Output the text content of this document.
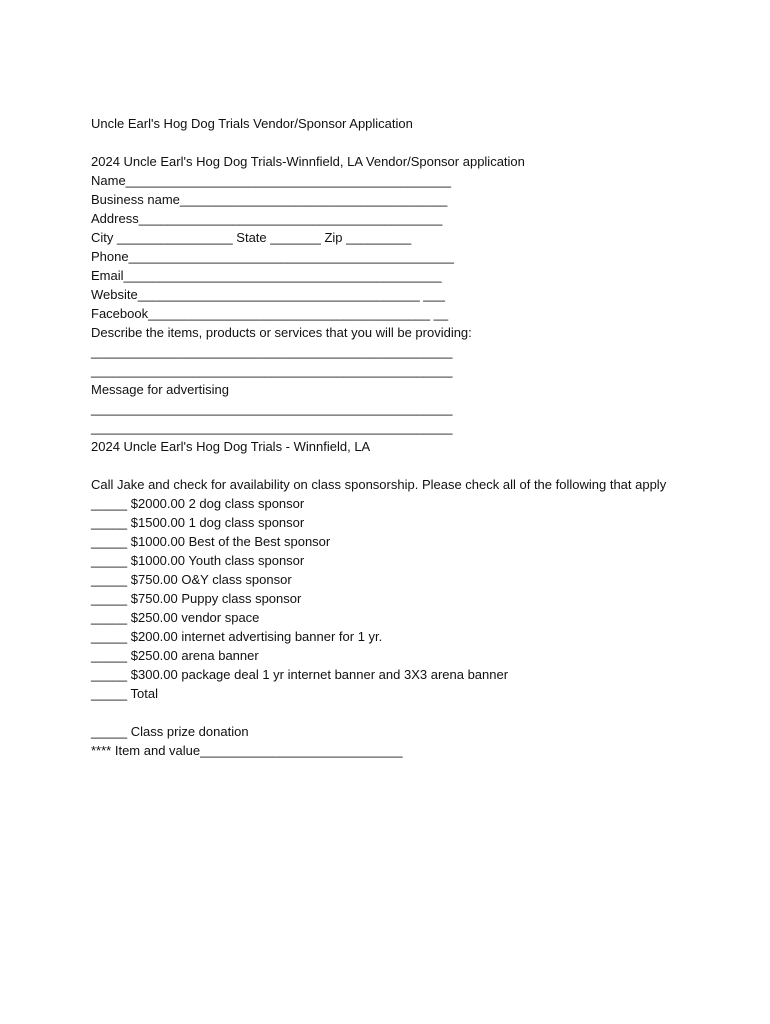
Uncle Earl's Hog Dog Trials Vendor/Sponsor Application
2024 Uncle Earl's Hog Dog Trials-Winnfield, LA Vendor/Sponsor application
Name_____________________________________________
Business name_____________________________________
Address__________________________________________
City ________________ State _______ Zip _________
Phone_____________________________________________
Email____________________________________________
Website_______________________________________ ___
Facebook_______________________________________ __
Describe the items, products or services that you will be providing:
__________________________________________________
__________________________________________________
Message for advertising
__________________________________________________
__________________________________________________
2024 Uncle Earl's Hog Dog Trials - Winnfield, LA
Call Jake and check for availability on class sponsorship. Please check all of the following that apply
_____ $2000.00 2 dog class sponsor
_____ $1500.00 1 dog class sponsor
_____ $1000.00 Best of the Best sponsor
_____ $1000.00 Youth class sponsor
_____ $750.00 O&Y class sponsor
_____ $750.00 Puppy class sponsor
_____ $250.00 vendor space
_____ $200.00 internet advertising banner for 1 yr.
_____ $250.00 arena banner
_____ $300.00 package deal 1 yr internet banner and 3X3 arena banner
_____ Total
_____ Class prize donation
**** Item and value____________________________
